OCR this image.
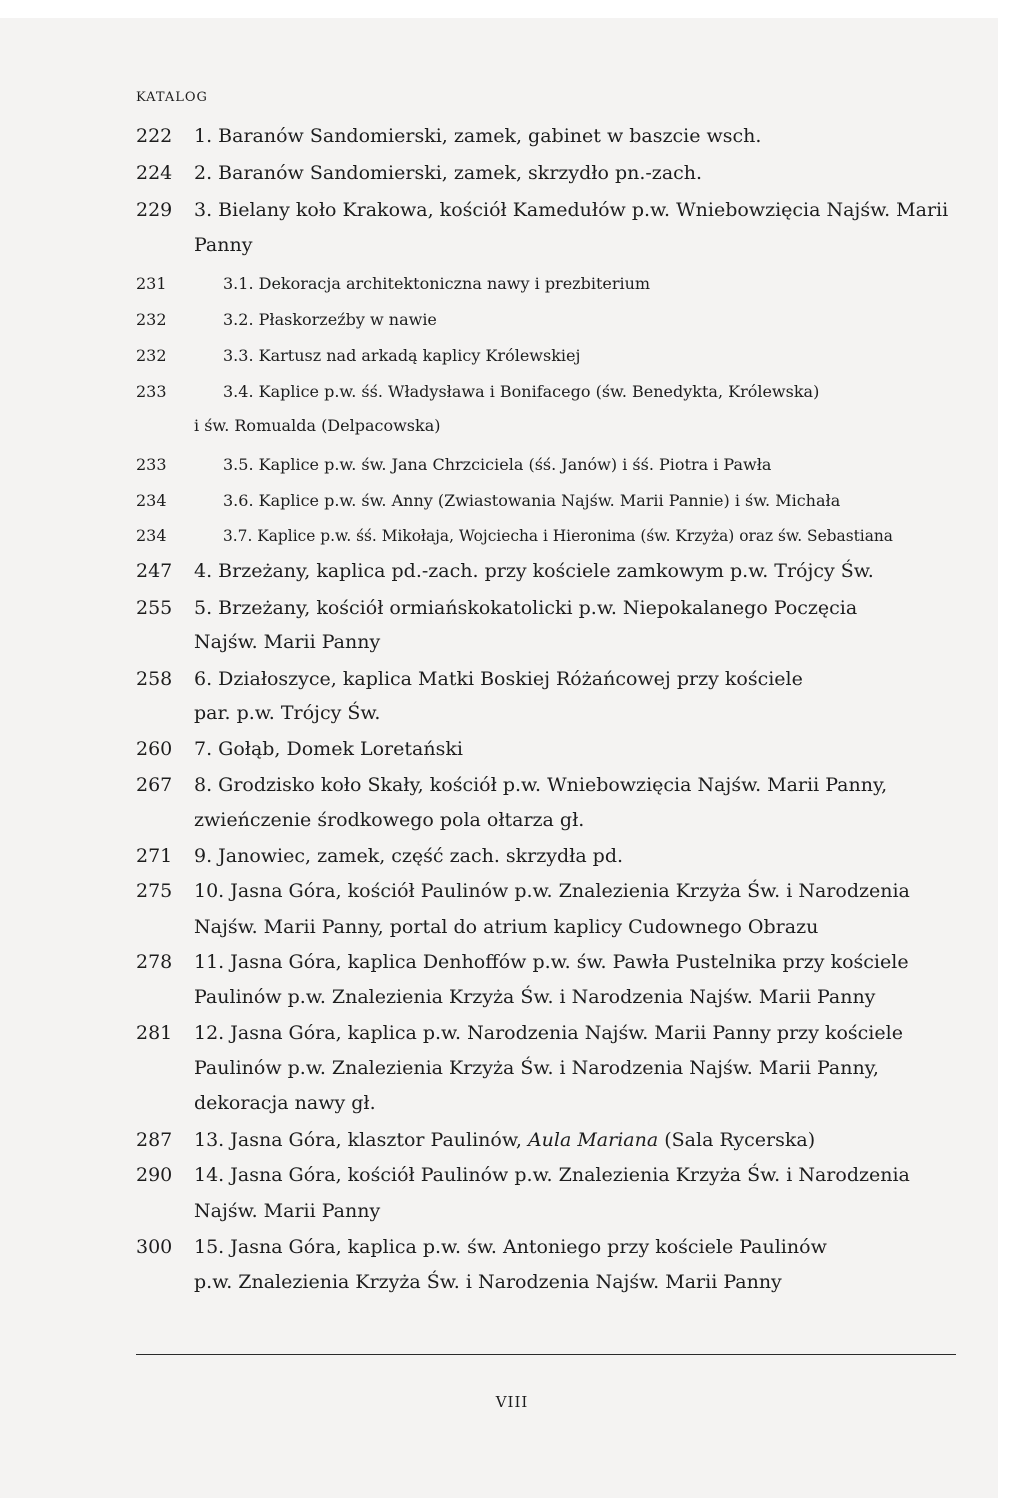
KATALOG
222	1. Baranów Sandomierski, zamek, gabinet w baszcie wsch.
224	2. Baranów Sandomierski, zamek, skrzydło pn.-zach.
229	3. Bielany koło Krakowa, kościół Kamedułów p.w. Wniebowzięcia Najśw. Marii
Panny
231	3.1. Dekoracja architektoniczna nawy i prezbiterium
232	3.2. Płaskorzeźby w nawie
232	3.3. Kartusz nad arkadą kaplicy Królewskiej
233	3.4. Kaplice p.w. śś. Władysława i Bonifacego (św. Benedykta, Królewska)
i św. Romualda (Delpacowska)
233	3.5. Kaplice p.w. św. Jana Chrzciciela (śś. Janów) i śś. Piotra i Pawła
234	3.6. Kaplice p.w. św. Anny (Zwiastowania Najśw. Marii Pannie) i św. Michała
234	3.7. Kaplice p.w. śś. Mikołaja, Wojciecha i Hieronima (św. Krzyża) oraz św. Sebastiana
247	4. Brzeżany, kaplica pd.-zach. przy kościele zamkowym p.w. Trójcy Św.
255	5. Brzeżany, kościół ormiańskokatolicki p.w. Niepokalanego Poczęcia
Najśw. Marii Panny
258	6. Działoszyce, kaplica Matki Boskiej Różańcowej przy kościele
par. p.w. Trójcy Św.
260	7. Gołąb, Domek Loretański
267	8. Grodzisko koło Skały, kościół p.w. Wniebowzięcia Najśw. Marii Panny,
zwieńczenie środkowego pola ołtarza gł.
271	9. Janowiec, zamek, część zach. skrzydła pd.
275	10. Jasna Góra, kościół Paulinów p.w. Znalezienia Krzyża Św. i Narodzenia
Najśw. Marii Panny, portal do atrium kaplicy Cudownego Obrazu
278	11. Jasna Góra, kaplica Denhoffów p.w. św. Pawła Pustelnika przy kościele
Paulinów p.w. Znalezienia Krzyża Św. i Narodzenia Najśw. Marii Panny
281	12. Jasna Góra, kaplica p.w. Narodzenia Najśw. Marii Panny przy kościele
Paulinów p.w. Znalezienia Krzyża Św. i Narodzenia Najśw. Marii Panny,
dekoracja nawy gł.
287	13. Jasna Góra, klasztor Paulinów, Aula Mariana (Sala Rycerska)
290	14. Jasna Góra, kościół Paulinów p.w. Znalezienia Krzyża Św. i Narodzenia
Najśw. Marii Panny
300	15. Jasna Góra, kaplica p.w. św. Antoniego przy kościele Paulinów
p.w. Znalezienia Krzyża Św. i Narodzenia Najśw. Marii Panny
VIII
